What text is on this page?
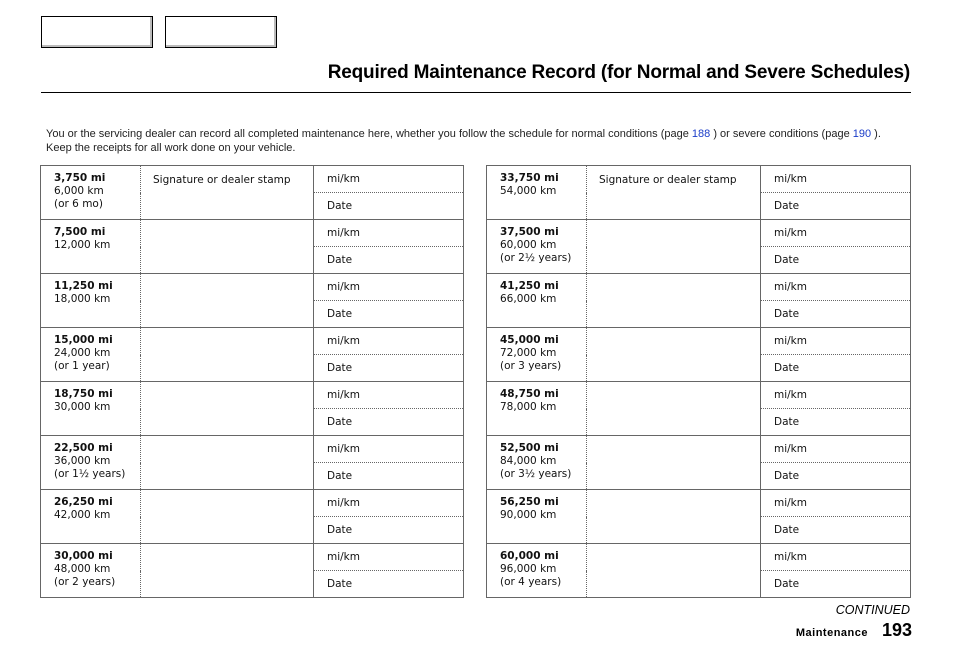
Required Maintenance Record (for Normal and Severe Schedules)
You or the servicing dealer can record all completed maintenance here, whether you follow the schedule for normal conditions (page 188 ) or severe conditions (page 190 ). Keep the receipts for all work done on your vehicle.
3,750 mi
6,000 km
(or 6 mo)	Signature or dealer stamp	mi/km
		Date

7,500 mi
12,000 km		mi/km
		Date

11,250 mi
18,000 km		mi/km
		Date

15,000 mi
24,000 km
(or 1 year)		mi/km
		Date

18,750 mi
30,000 km		mi/km
		Date

22,500 mi
36,000 km
(or 1½ years)		mi/km
		Date

26,250 mi
42,000 km		mi/km
		Date

30,000 mi
48,000 km
(or 2 years)		mi/km
		Date
33,750 mi
54,000 km	Signature or dealer stamp	mi/km
		Date

37,500 mi
60,000 km
(or 2½ years)		mi/km
		Date

41,250 mi
66,000 km		mi/km
		Date

45,000 mi
72,000 km
(or 3 years)		mi/km
		Date

48,750 mi
78,000 km		mi/km
		Date

52,500 mi
84,000 km
(or 3½ years)		mi/km
		Date

56,250 mi
90,000 km		mi/km
		Date

60,000 mi
96,000 km
(or 4 years)		mi/km
		Date
CONTINUED
Maintenance 193
